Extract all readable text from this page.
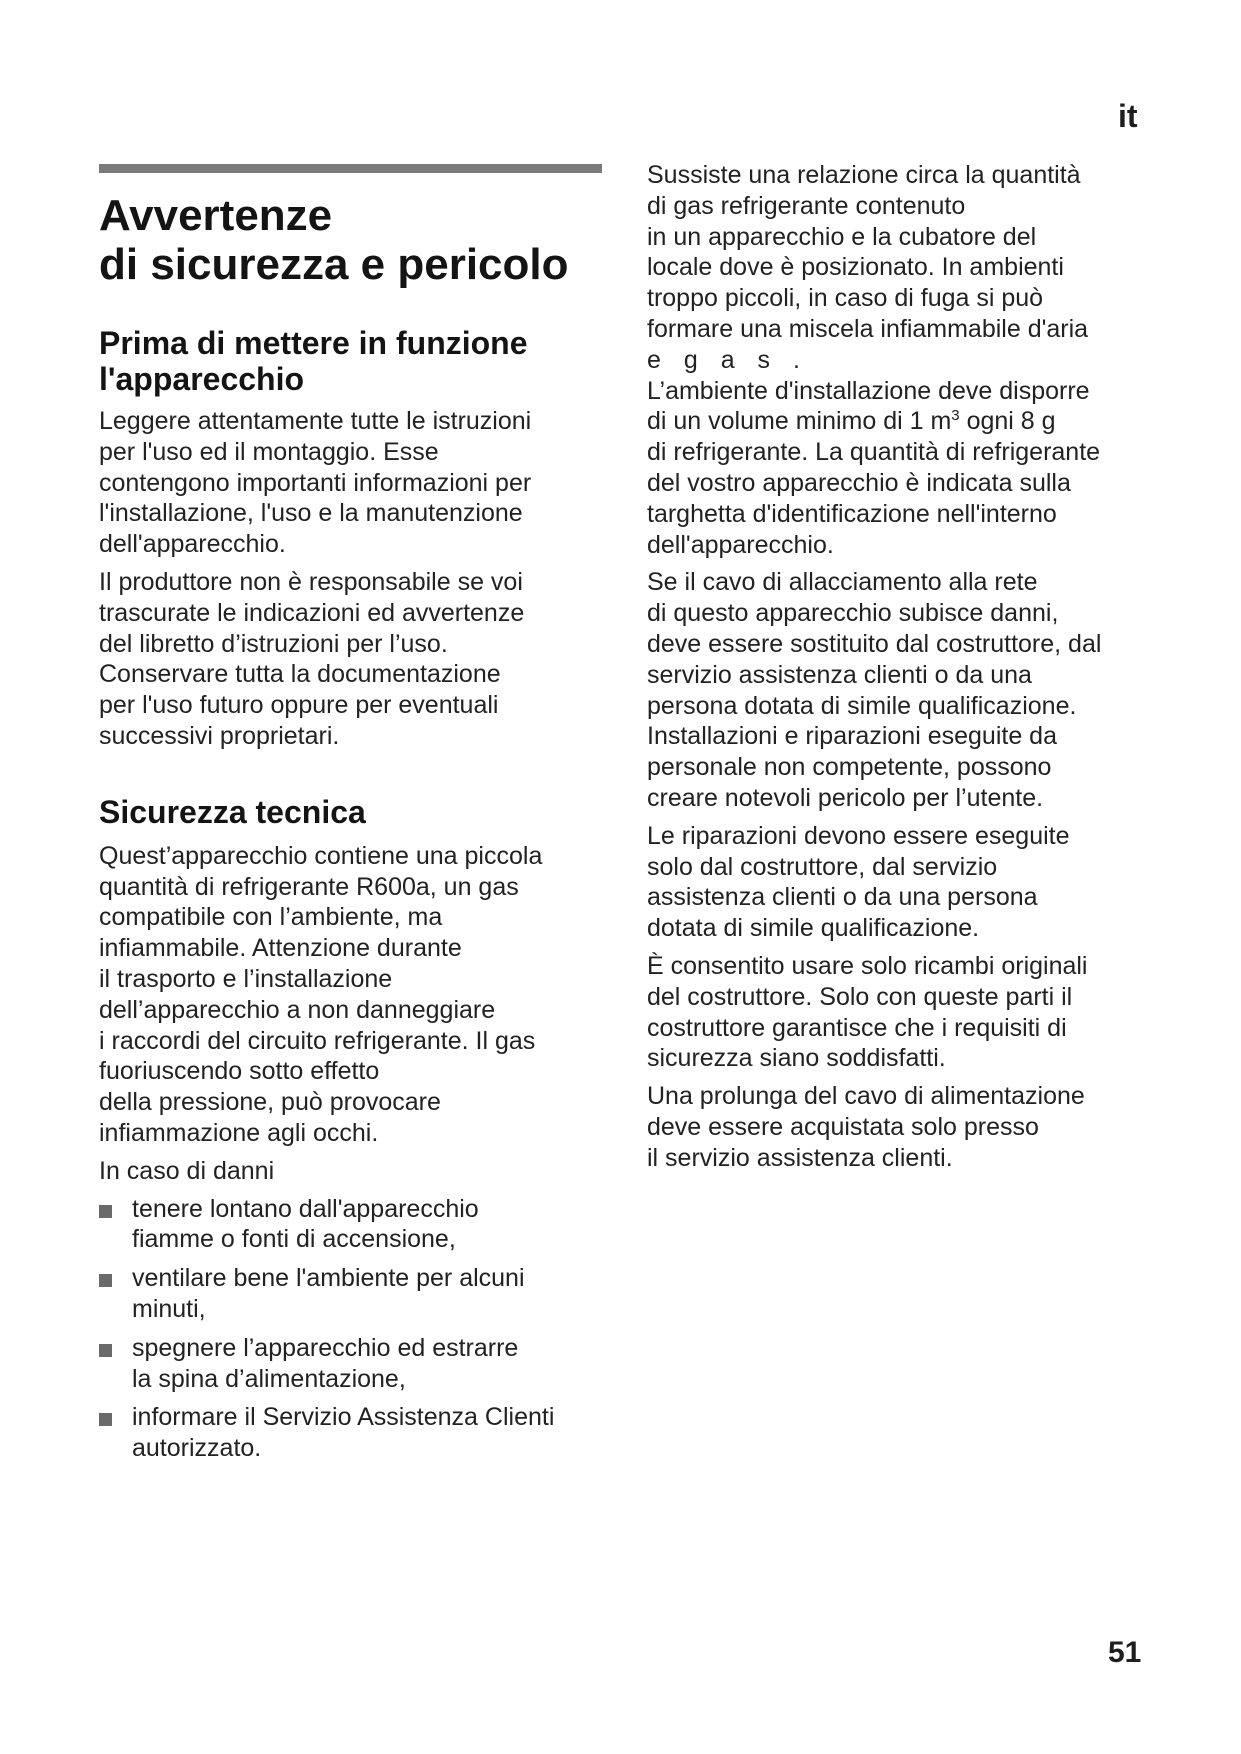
it
Avvertenze
di sicurezza e pericolo
Prima di mettere in funzione
l'apparecchio

Leggere attentamente tutte le istruzioni
per l'uso ed il montaggio. Esse
contengono importanti informazioni per
l'installazione, l'uso e la manutenzione
dell'apparecchio.

Il produttore non è responsabile se voi
trascurate le indicazioni ed avvertenze
del libretto d’istruzioni per l’uso.
Conservare tutta la documentazione
per l'uso futuro oppure per eventuali
successivi proprietari.

Sicurezza tecnica

Quest’apparecchio contiene una piccola
quantità di refrigerante R600a, un gas
compatibile con l’ambiente, ma
infiammabile. Attenzione durante
il trasporto e l’installazione
dell’apparecchio a non danneggiare
i raccordi del circuito refrigerante. Il gas
fuoriuscendo sotto effetto
della pressione, può provocare
infiammazione agli occhi.

In caso di danni

tenere lontano dall'apparecchio
fiamme o fonti di accensione,
ventilare bene l'ambiente per alcuni
minuti,
spegnere l’apparecchio ed estrarre
la spina d’alimentazione,
informare il Servizio Assistenza Clienti
autorizzato.

Sussiste una relazione circa la quantità
di gas refrigerante contenuto
in un apparecchio e la cubatore del
locale dove è posizionato. In ambienti
troppo piccoli, in caso di fuga si può
formare una miscela infiammabile d'aria
e g a s .
L’ambiente d'installazione deve disporre
di un volume minimo di 1 $m^3$ ogni 8 g
di refrigerante. La quantità di refrigerante
del vostro apparecchio è indicata sulla
targhetta d'identificazione nell'interno
dell'apparecchio.

Se il cavo di allacciamento alla rete
di questo apparecchio subisce danni,
deve essere sostituito dal costruttore, dal
servizio assistenza clienti o da una
persona dotata di simile qualificazione.
Installazioni e riparazioni eseguite da
personale non competente, possono
creare notevoli pericolo per l’utente.

Le riparazioni devono essere eseguite
solo dal costruttore, dal servizio
assistenza clienti o da una persona
dotata di simile qualificazione.

È consentito usare solo ricambi originali
del costruttore. Solo con queste parti il
costruttore garantisce che i requisiti di
sicurezza siano soddisfatti.

Una prolunga del cavo di alimentazione
deve essere acquistata solo presso
il servizio assistenza clienti.

51
